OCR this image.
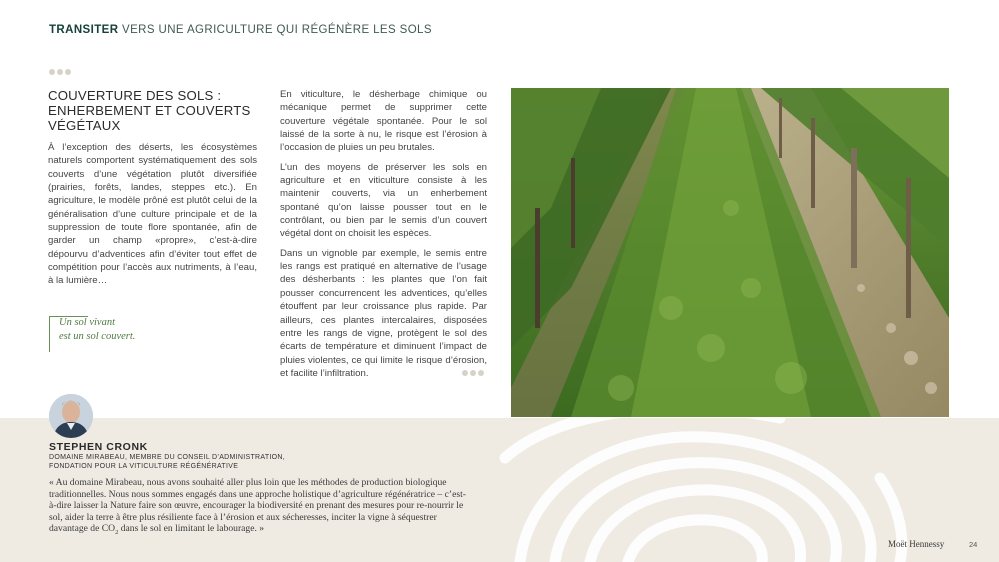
TRANSITER VERS UNE AGRICULTURE QUI RÉGÉNÈRE LES SOLS
COUVERTURE DES SOLS : ENHERBEMENT ET COUVERTS VÉGÉTAUX
À l’exception des déserts, les écosystèmes naturels comportent systématiquement des sols couverts d’une végétation plutôt diversifiée (prairies, forêts, landes, steppes etc.). En agriculture, le modèle prôné est plutôt celui de la généralisation d’une culture principale et de la suppression de toute flore spontanée, afin de garder un champ «propre», c’est-à-dire dépourvu d’adventices afin d’éviter tout effet de compétition pour l’accès aux nutriments, à l’eau, à la lumière…
Un sol vivant
est un sol couvert.

En viticulture, le désherbage chimique ou mécanique permet de supprimer cette couverture végétale spontanée. Pour le sol laissé de la sorte à nu, le risque est l’érosion à l’occasion de pluies un peu brutales.

L’un des moyens de préserver les sols en agriculture et en viticulture consiste à les maintenir couverts, via un enherbement spontané qu’on laisse pousser tout en le contrôlant, ou bien par le semis d’un couvert végétal dont on choisit les espèces.

Dans un vignoble par exemple, le semis entre les rangs est pratiqué en alternative de l’usage des désherbants : les plantes que l’on fait pousser concurrencent les adventices, qu’elles étouffent par leur croissance plus rapide. Par ailleurs, ces plantes intercalaires, disposées entre les rangs de vigne, protègent le sol des écarts de température et diminuent l’impact de pluies violentes, ce qui limite le risque d’érosion, et facilite l’infiltration.

STEPHEN CRONK
DOMAINE MIRABEAU, MEMBRE DU CONSEIL D’ADMINISTRATION,
FONDATION POUR LA VITICULTURE RÉGÉNÉRATIVE
« Au domaine Mirabeau, nous avons souhaité aller plus loin que les méthodes de production biologique traditionnelles. Nous nous sommes engagés dans une approche holistique d’agriculture régénératrice – c’est-à-dire laisser la Nature faire son œuvre, encourager la biodiversité en prenant des mesures pour re-nourrir le sol, aider la terre à être plus résiliente face à l’érosion et aux sécheresses, inciter la vigne à séquestrer davantage de $CO_2$ dans le sol en limitant le labourage. »
Moët Hennessy	24
